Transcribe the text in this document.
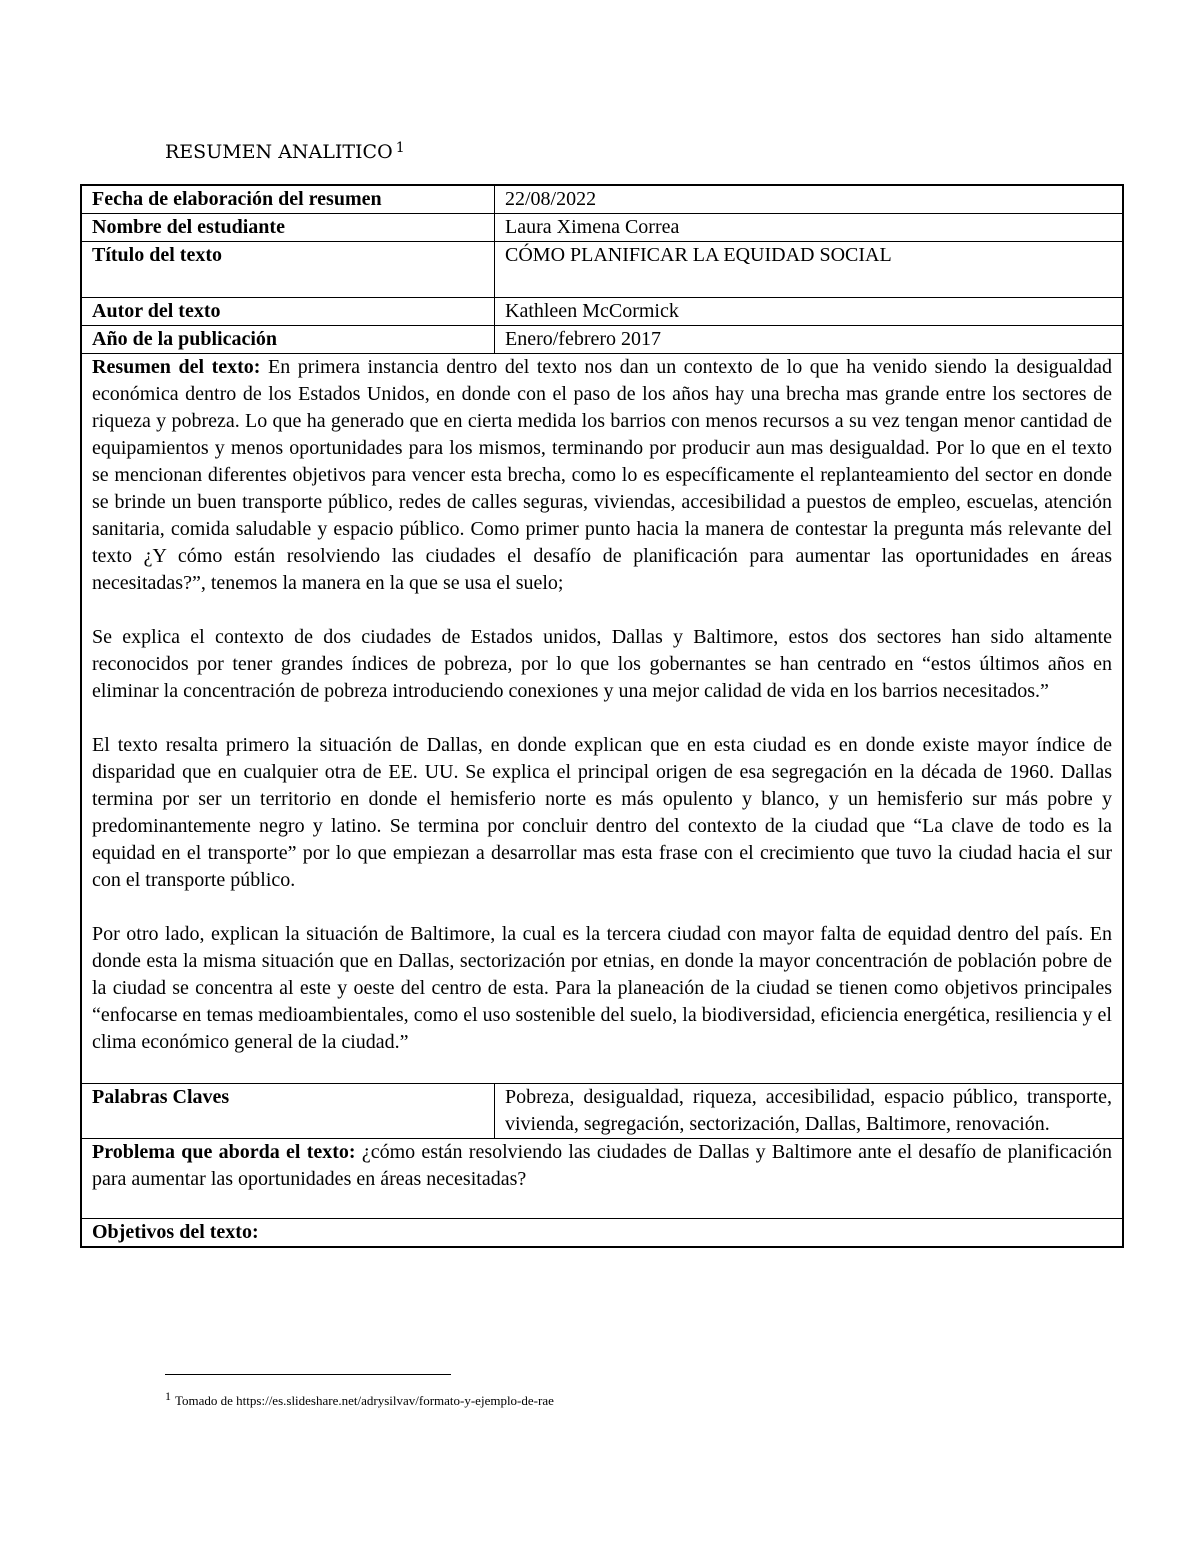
RESUMEN ANALITICO $^1$
Fecha de elaboración del resumen	22/08/2022
Nombre del estudiante	Laura Ximena Correa
Título del texto	CÓMO PLANIFICAR LA EQUIDAD SOCIAL
Autor del texto	Kathleen McCormick
Año de la publicación	Enero/febrero 2017

Resumen del texto: En primera instancia dentro del texto nos dan un contexto de lo que ha venido siendo la desigualdad económica dentro de los Estados Unidos, en donde con el paso de los años hay una brecha mas grande entre los sectores de riqueza y pobreza. Lo que ha generado que en cierta medida los barrios con menos recursos a su vez tengan menor cantidad de equipamientos y menos oportunidades para los mismos, terminando por producir aun mas desigualdad. Por lo que en el texto se mencionan diferentes objetivos para vencer esta brecha, como lo es específicamente el replanteamiento del sector en donde se brinde un buen transporte público, redes de calles seguras, viviendas, accesibilidad a puestos de empleo, escuelas, atención sanitaria, comida saludable y espacio público. Como primer punto hacia la manera de contestar la pregunta más relevante del texto ¿Y cómo están resolviendo las ciudades el desafío de planificación para aumentar las oportunidades en áreas necesitadas?”, tenemos la manera en la que se usa el suelo;

Se explica el contexto de dos ciudades de Estados unidos, Dallas y Baltimore, estos dos sectores han sido altamente reconocidos por tener grandes índices de pobreza, por lo que los gobernantes se han centrado en “estos últimos años en eliminar la concentración de pobreza introduciendo conexiones y una mejor calidad de vida en los barrios necesitados.”

El texto resalta primero la situación de Dallas, en donde explican que en esta ciudad es en donde existe mayor índice de disparidad que en cualquier otra de EE. UU. Se explica el principal origen de esa segregación en la década de 1960. Dallas termina por ser un territorio en donde el hemisferio norte es más opulento y blanco, y un hemisferio sur más pobre y predominantemente negro y latino. Se termina por concluir dentro del contexto de la ciudad que “La clave de todo es la equidad en el transporte” por lo que empiezan a desarrollar mas esta frase con el crecimiento que tuvo la ciudad hacia el sur con el transporte público.

Por otro lado, explican la situación de Baltimore, la cual es la tercera ciudad con mayor falta de equidad dentro del país. En donde esta la misma situación que en Dallas, sectorización por etnias, en donde la mayor concentración de población pobre de la ciudad se concentra al este y oeste del centro de esta. Para la planeación de la ciudad se tienen como objetivos principales “enfocarse en temas medioambientales, como el uso sostenible del suelo, la biodiversidad, eficiencia energética, resiliencia y el clima económico general de la ciudad.”	

Palabras Claves	Pobreza, desigualdad, riqueza, accesibilidad, espacio público, transporte, vivienda, segregación, sectorización, Dallas, Baltimore, renovación.
Problema que aborda el texto: ¿cómo están resolviendo las ciudades de Dallas y Baltimore ante el desafío de planificación para aumentar las oportunidades en áreas necesitadas?	
Objetivos del texto:	
$^1$ Tomado de https://es.slideshare.net/adrysilvav/formato-y-ejemplo-de-rae
